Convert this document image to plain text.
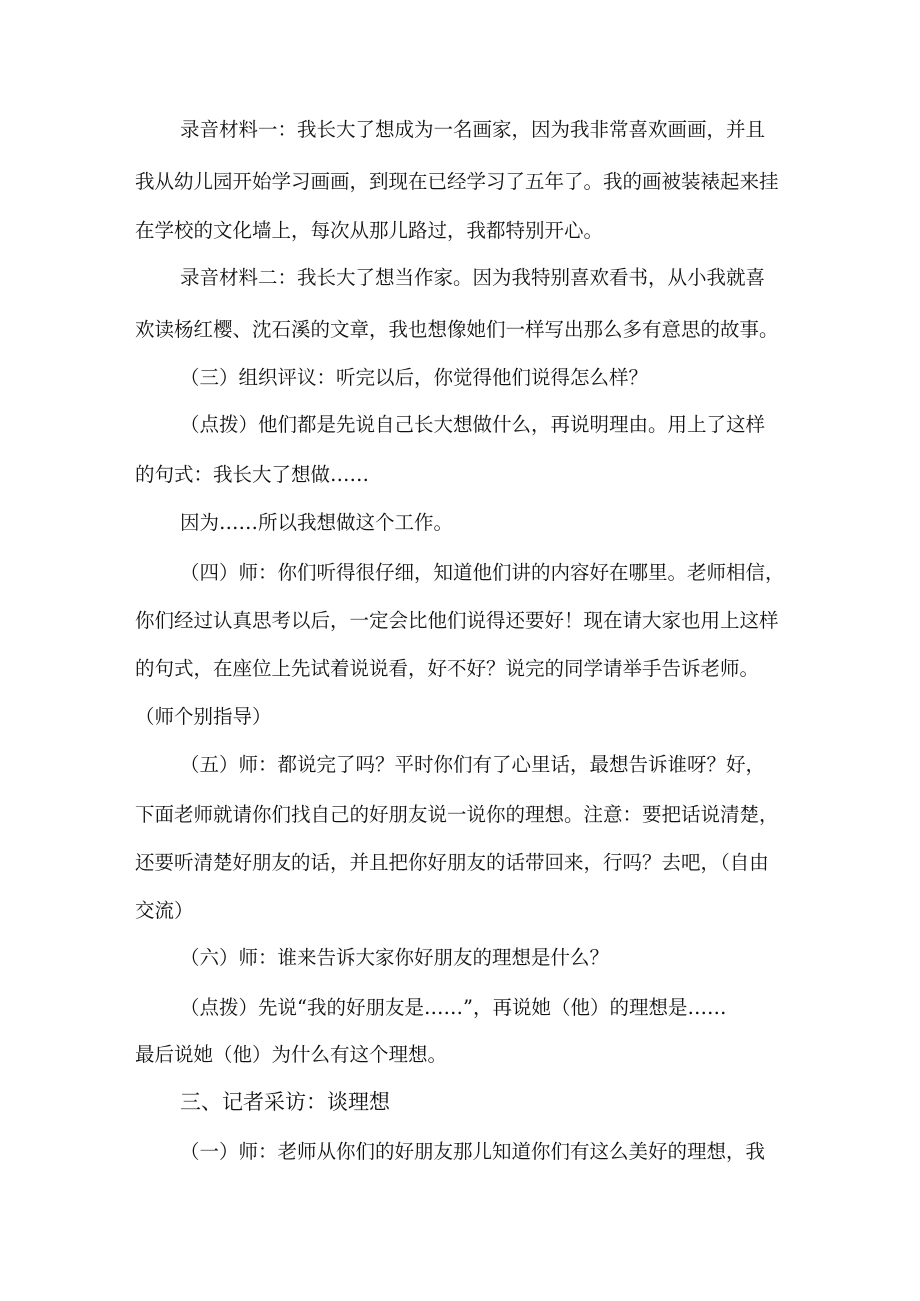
录音材料一：我长大了想成为一名画家，因为我非常喜欢画画，并且
我从幼儿园开始学习画画，到现在已经学习了五年了。我的画被装裱起来挂
在学校的文化墙上，每次从那儿路过，我都特别开心。
录音材料二：我长大了想当作家。因为我特别喜欢看书，从小我就喜
欢读杨红樱、沈石溪的文章，我也想像她们一样写出那么多有意思的故事。
（三）组织评议：听完以后，你觉得他们说得怎么样？
（点拨）他们都是先说自己长大想做什么，再说明理由。用上了这样
的句式：我长大了想做……
因为……所以我想做这个工作。
（四）师：你们听得很仔细，知道他们讲的内容好在哪里。老师相信，
你们经过认真思考以后，一定会比他们说得还要好！现在请大家也用上这样
的句式，在座位上先试着说说看，好不好？说完的同学请举手告诉老师。
（师个别指导）
（五）师：都说完了吗？平时你们有了心里话，最想告诉谁呀？好，
下面老师就请你们找自己的好朋友说一说你的理想。注意：要把话说清楚，
还要听清楚好朋友的话，并且把你好朋友的话带回来，行吗？去吧，（自由
交流）
（六）师：谁来告诉大家你好朋友的理想是什么？
（点拨）先说“我的好朋友是……”，再说她（他）的理想是……
最后说她（他）为什么有这个理想。
三、记者采访：谈理想
（一）师：老师从你们的好朋友那儿知道你们有这么美好的理想，我
